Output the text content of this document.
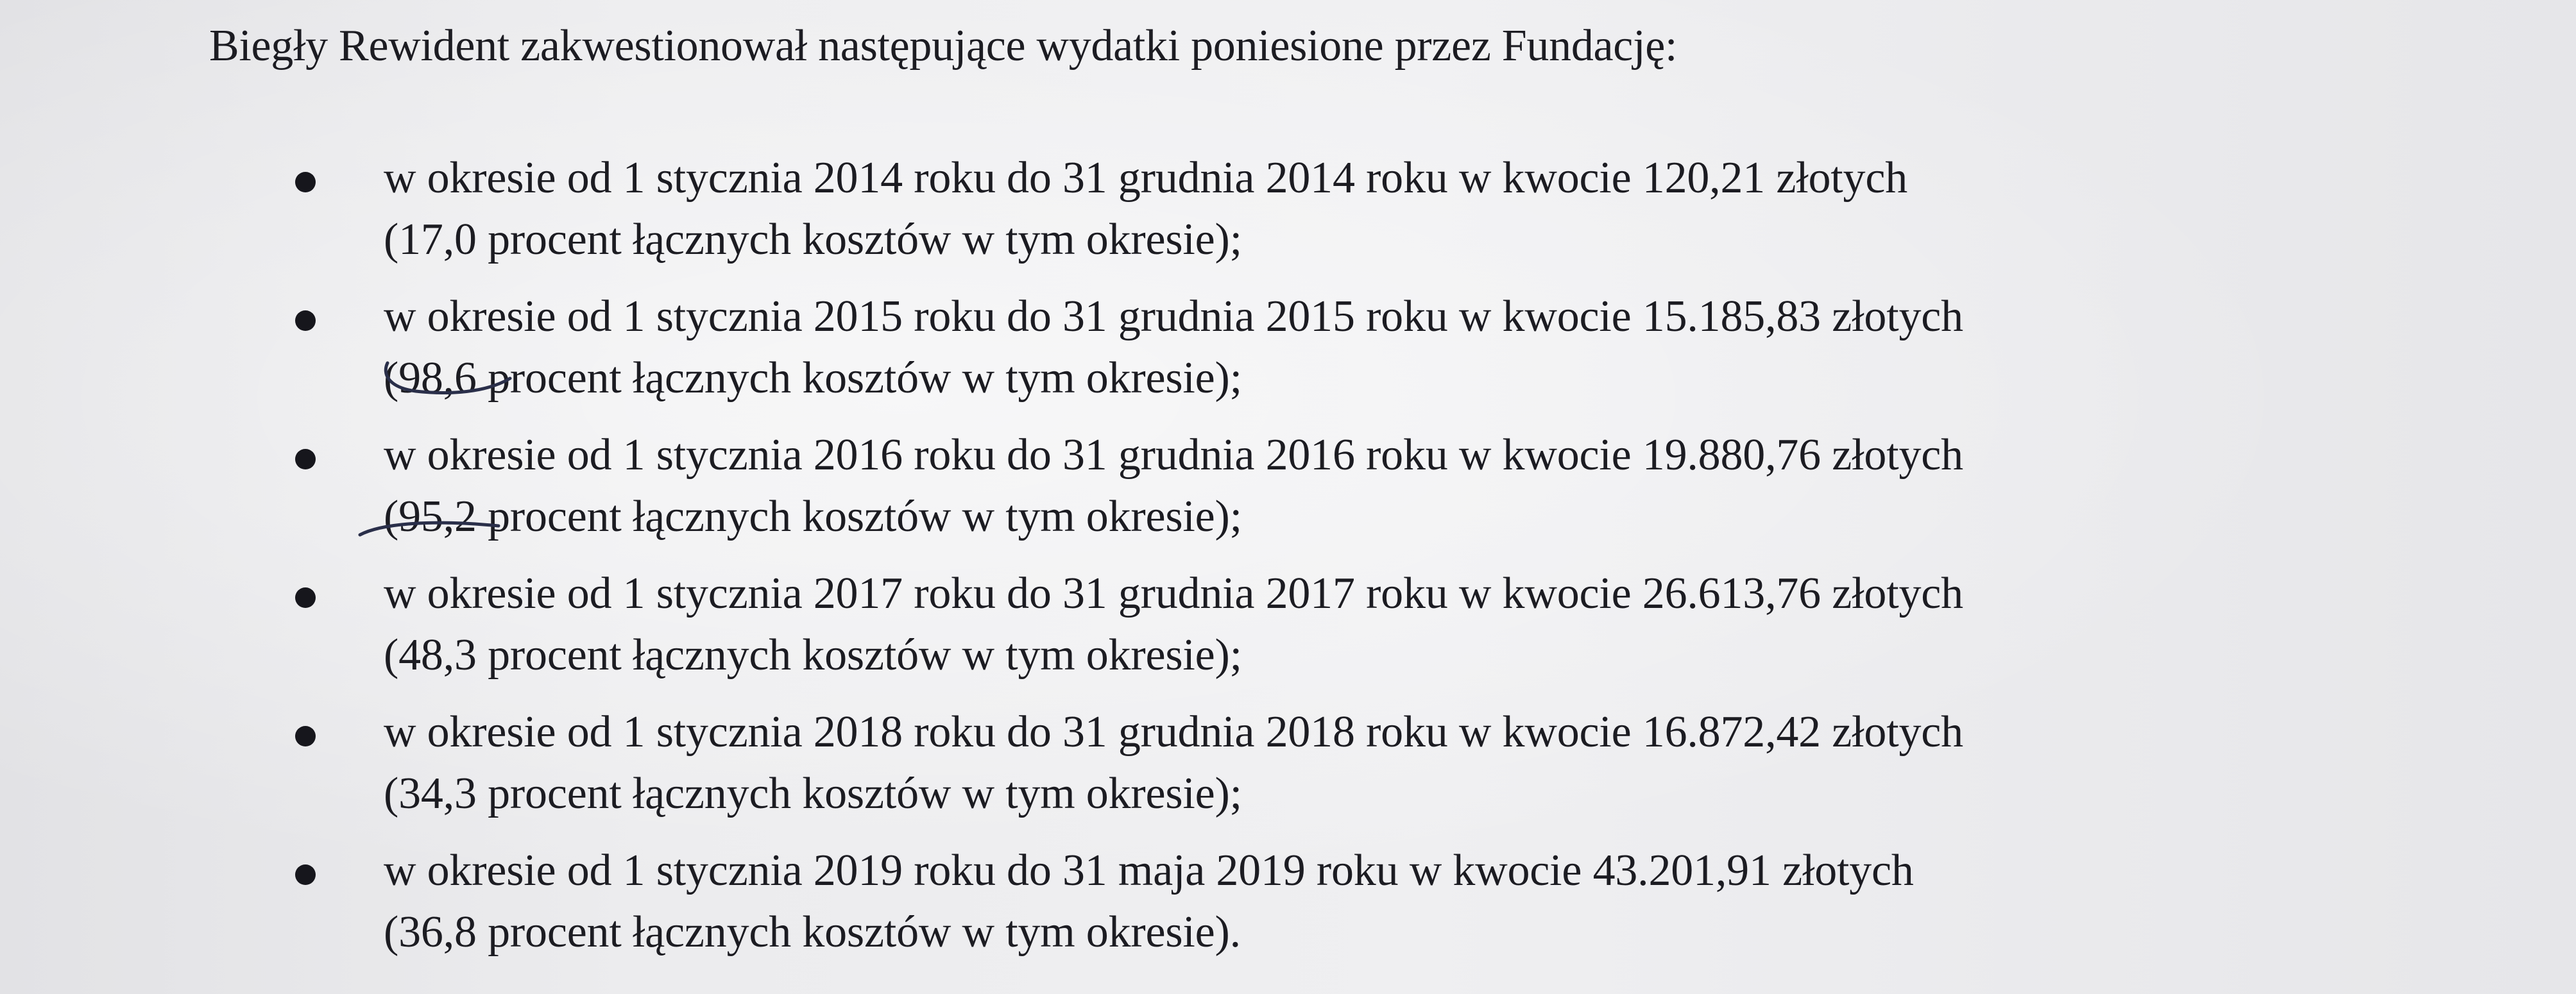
Biegły Rewident zakwestionował następujące wydatki poniesione przez Fundację:
w okresie od 1 stycznia 2014 roku do 31 grudnia 2014 roku w kwocie 120,21 złotych
(17,0 procent łącznych kosztów w tym okresie);
w okresie od 1 stycznia 2015 roku do 31 grudnia 2015 roku w kwocie 15.185,83 złotych
(98,6 procent łącznych kosztów w tym okresie);
w okresie od 1 stycznia 2016 roku do 31 grudnia 2016 roku w kwocie 19.880,76 złotych
(95,2 procent łącznych kosztów w tym okresie);
w okresie od 1 stycznia 2017 roku do 31 grudnia 2017 roku w kwocie 26.613,76 złotych
(48,3 procent łącznych kosztów w tym okresie);
w okresie od 1 stycznia 2018 roku do 31 grudnia 2018 roku w kwocie 16.872,42 złotych
(34,3 procent łącznych kosztów w tym okresie);
w okresie od 1 stycznia 2019 roku do 31 maja 2019 roku w kwocie 43.201,91 złotych
(36,8 procent łącznych kosztów w tym okresie).
